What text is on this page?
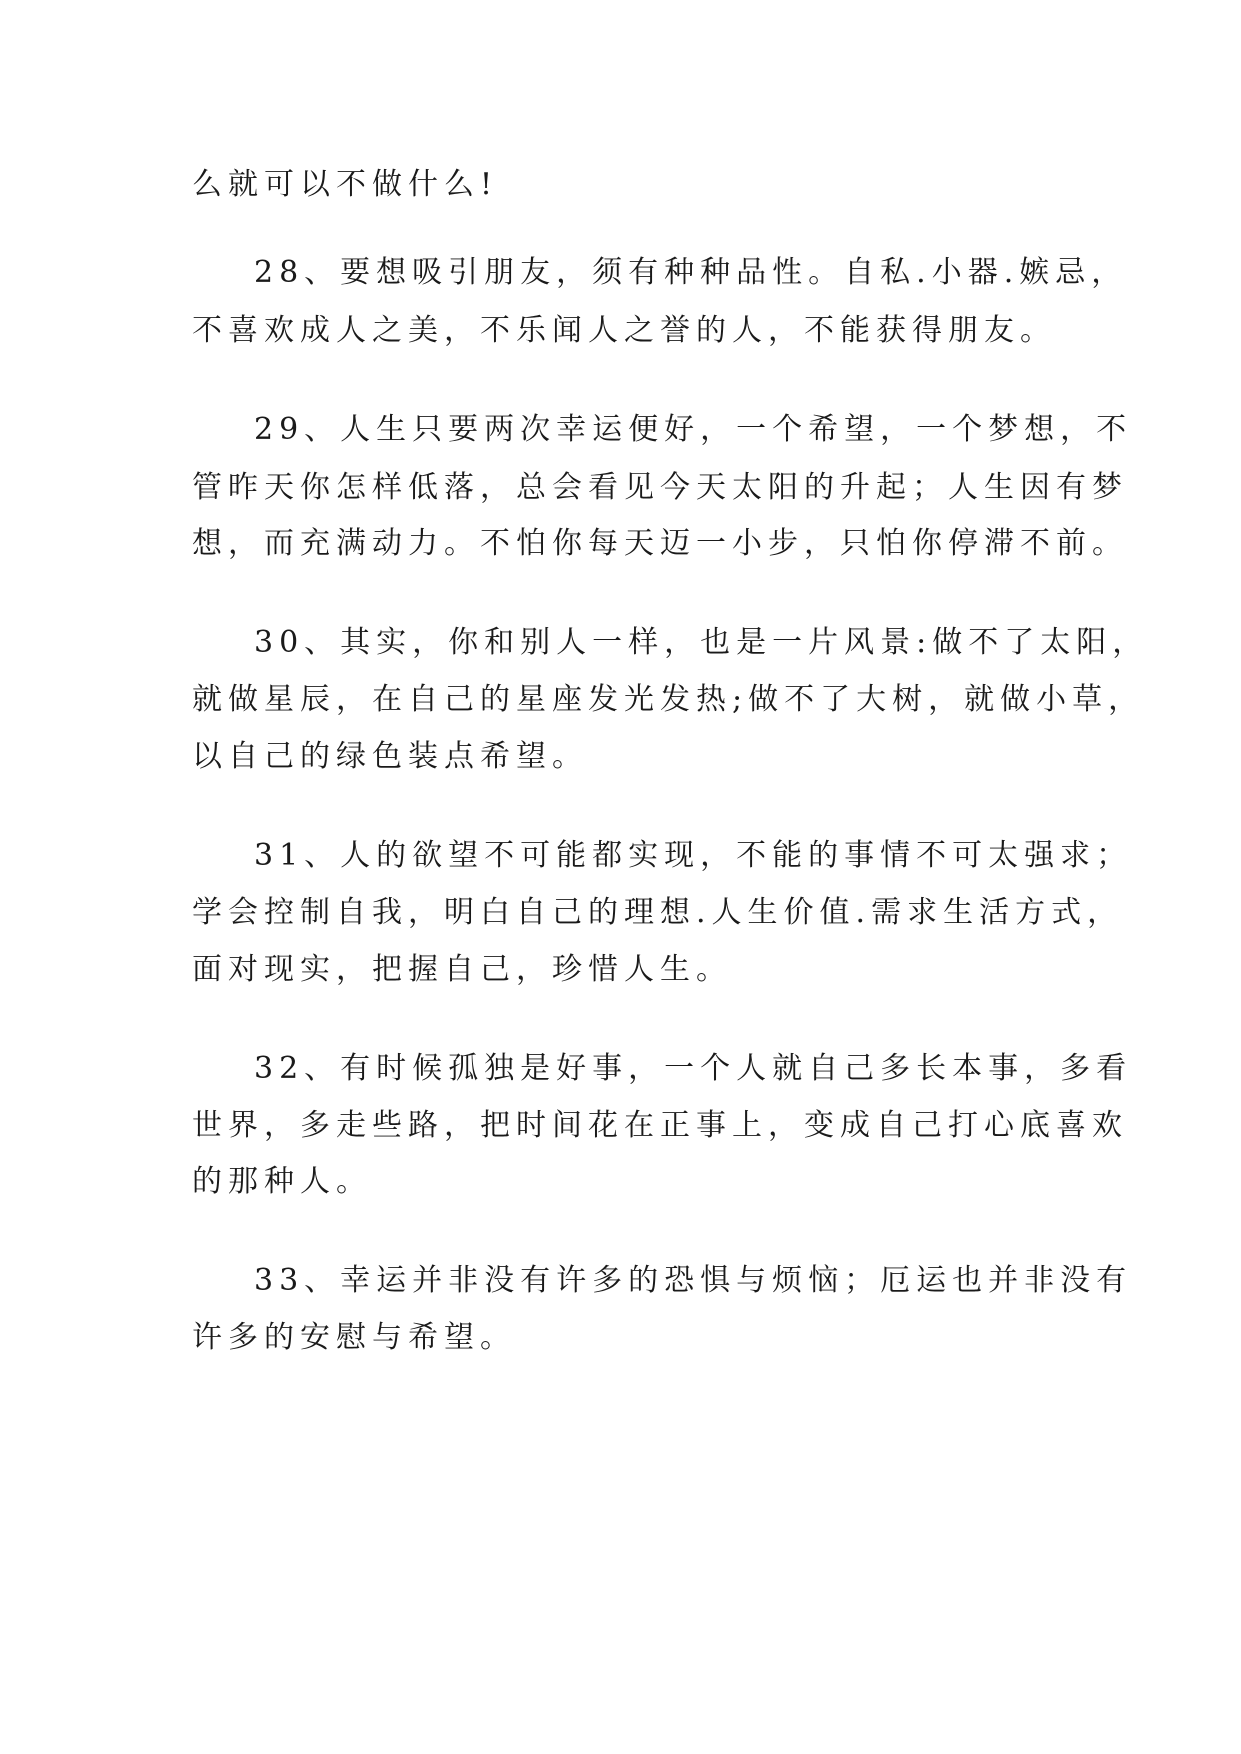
么就可以不做什么!
28、要想吸引朋友，须有种种品性。自私.小器.嫉忌，
不喜欢成人之美，不乐闻人之誉的人，不能获得朋友。
29、人生只要两次幸运便好，一个希望，一个梦想，不
管昨天你怎样低落，总会看见今天太阳的升起；人生因有梦
想，而充满动力。不怕你每天迈一小步，只怕你停滞不前。
30、其实，你和别人一样，也是一片风景:做不了太阳，
就做星辰，在自己的星座发光发热;做不了大树，就做小草，
以自己的绿色装点希望。
31、人的欲望不可能都实现，不能的事情不可太强求；
学会控制自我，明白自己的理想.人生价值.需求生活方式，
面对现实，把握自己，珍惜人生。
32、有时候孤独是好事，一个人就自己多长本事，多看
世界，多走些路，把时间花在正事上，变成自己打心底喜欢
的那种人。
33、幸运并非没有许多的恐惧与烦恼；厄运也并非没有
许多的安慰与希望。
